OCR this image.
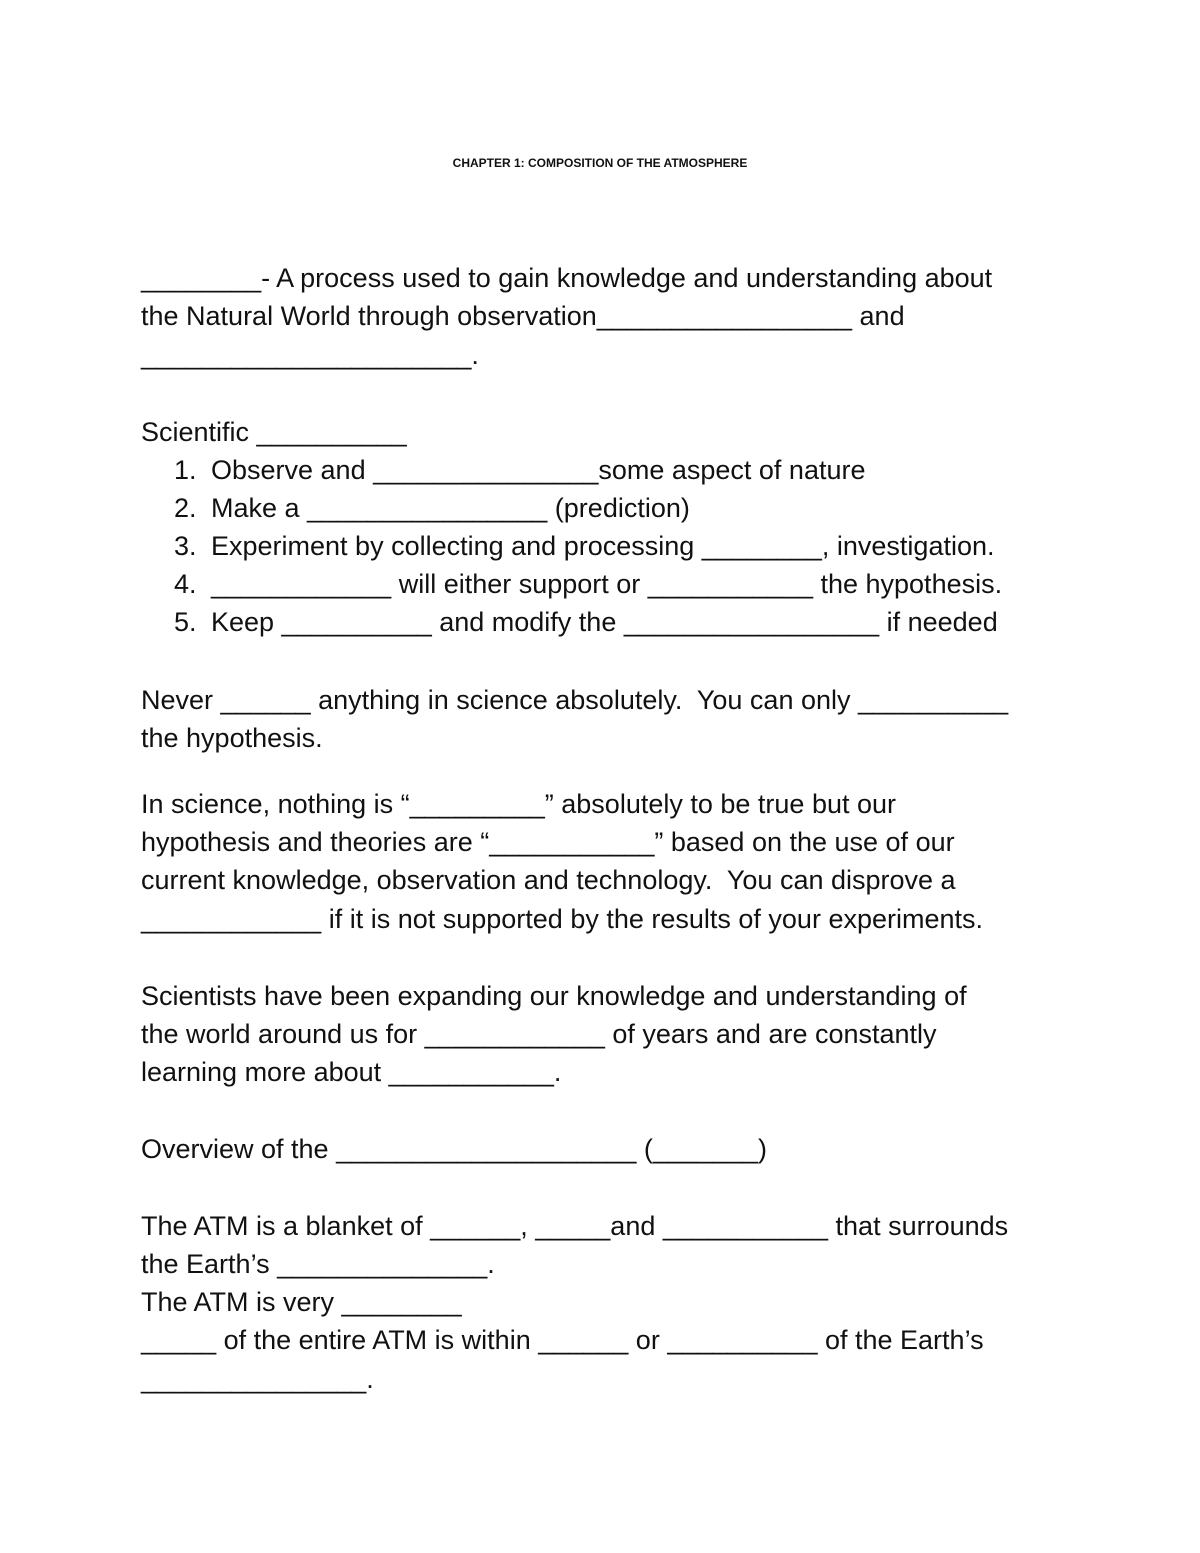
CHAPTER 1: COMPOSITION OF THE ATMOSPHERE
________- A process used to gain knowledge and understanding about
the Natural World through observation_________________ and
______________________.
Scientific __________
1. Observe and _______________some aspect of nature
2. Make a ________________ (prediction)
3. Experiment by collecting and processing ________, investigation.
4. ____________ will either support or ___________ the hypothesis.
5. Keep __________ and modify the _________________ if needed
Never ______ anything in science absolutely.  You can only __________
the hypothesis.
In science, nothing is “_________” absolutely to be true but our
hypothesis and theories are “___________” based on the use of our
current knowledge, observation and technology.  You can disprove a
____________ if it is not supported by the results of your experiments.
Scientists have been expanding our knowledge and understanding of
the world around us for ____________ of years and are constantly
learning more about ___________.
Overview of the ____________________ (_______)
The ATM is a blanket of ______, _____and ___________ that surrounds
the Earth’s ______________.
The ATM is very ________
_____ of the entire ATM is within ______ or __________ of the Earth’s
_______________.
